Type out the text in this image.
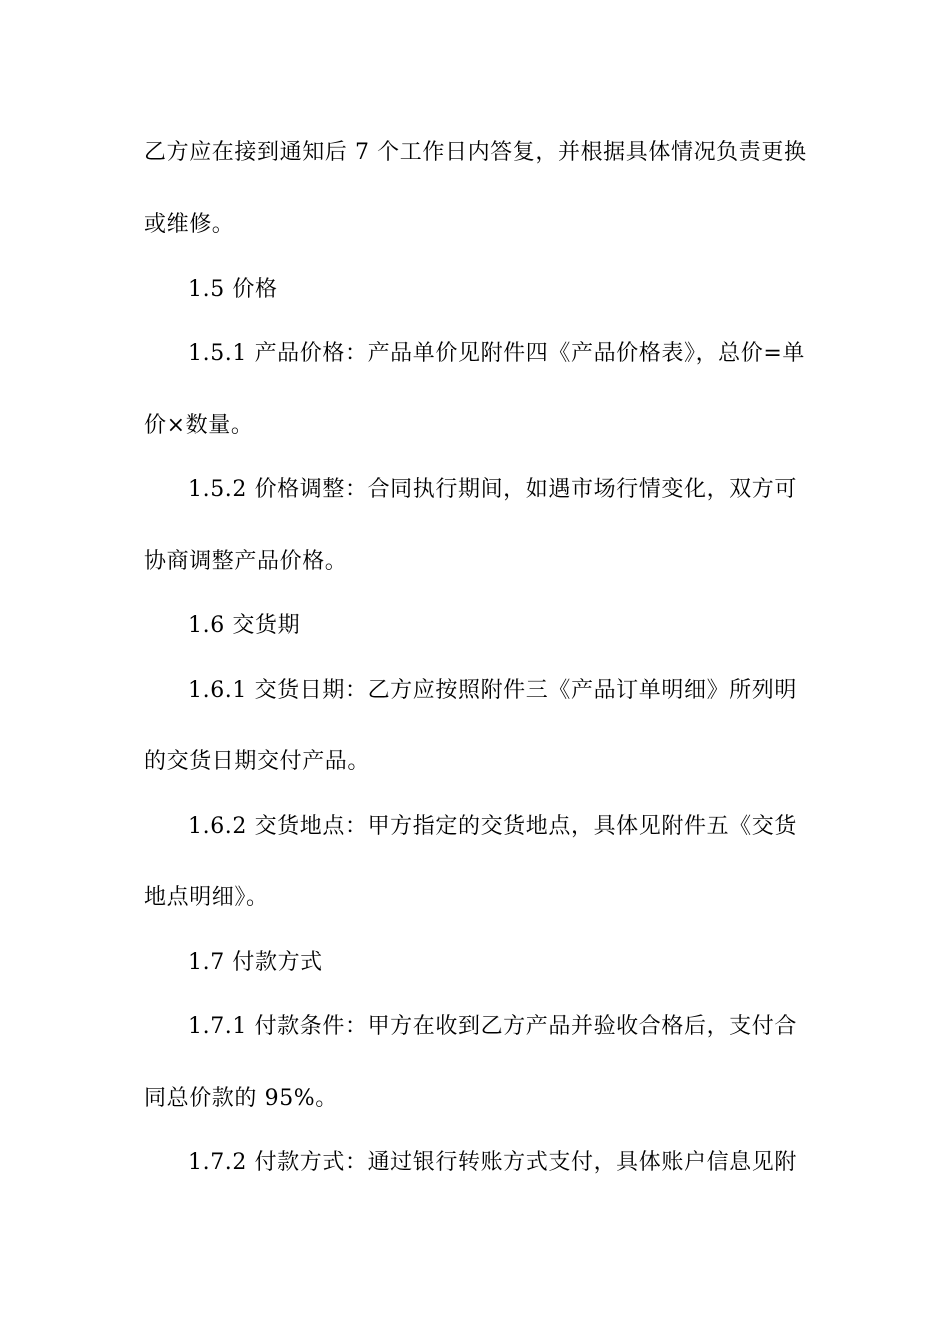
乙方应在接到通知后 7 个工作日内答复，并根据具体情况负责更换
或维修。
1.5 价格
1.5.1 产品价格：产品单价见附件四《产品价格表》，总价=单
价×数量。
1.5.2 价格调整：合同执行期间，如遇市场行情变化，双方可
协商调整产品价格。
1.6 交货期
1.6.1 交货日期：乙方应按照附件三《产品订单明细》所列明
的交货日期交付产品。
1.6.2 交货地点：甲方指定的交货地点，具体见附件五《交货
地点明细》。
1.7 付款方式
1.7.1 付款条件：甲方在收到乙方产品并验收合格后，支付合
同总价款的 95%。
1.7.2 付款方式：通过银行转账方式支付，具体账户信息见附
